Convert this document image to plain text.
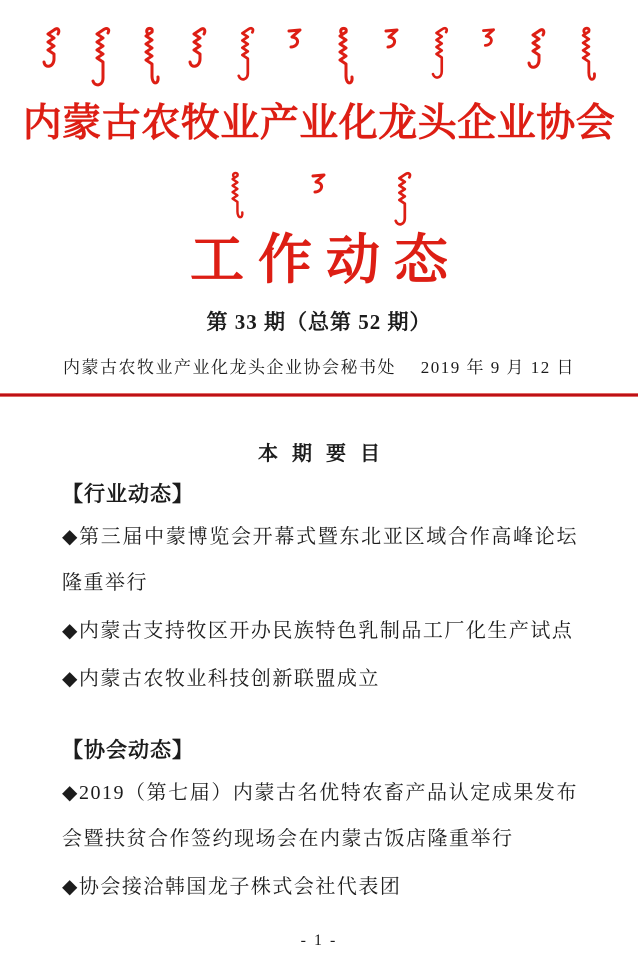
内蒙古农牧业产业化龙头企业协会
工作动态
第 33 期（总第 52 期）
内蒙古农牧业产业化龙头企业协会秘书处 2019 年 9 月 12 日
本期要目
【行业动态】

◆第三届中蒙博览会开幕式暨东北亚区域合作高峰论坛隆重举行

◆内蒙古支持牧区开办民族特色乳制品工厂化生产试点

◆内蒙古农牧业科技创新联盟成立

【协会动态】

◆2019（第七届）内蒙古名优特农畜产品认定成果发布会暨扶贫合作签约现场会在内蒙古饭店隆重举行

◆协会接洽韩国龙子株式会社代表团

- 1 -
